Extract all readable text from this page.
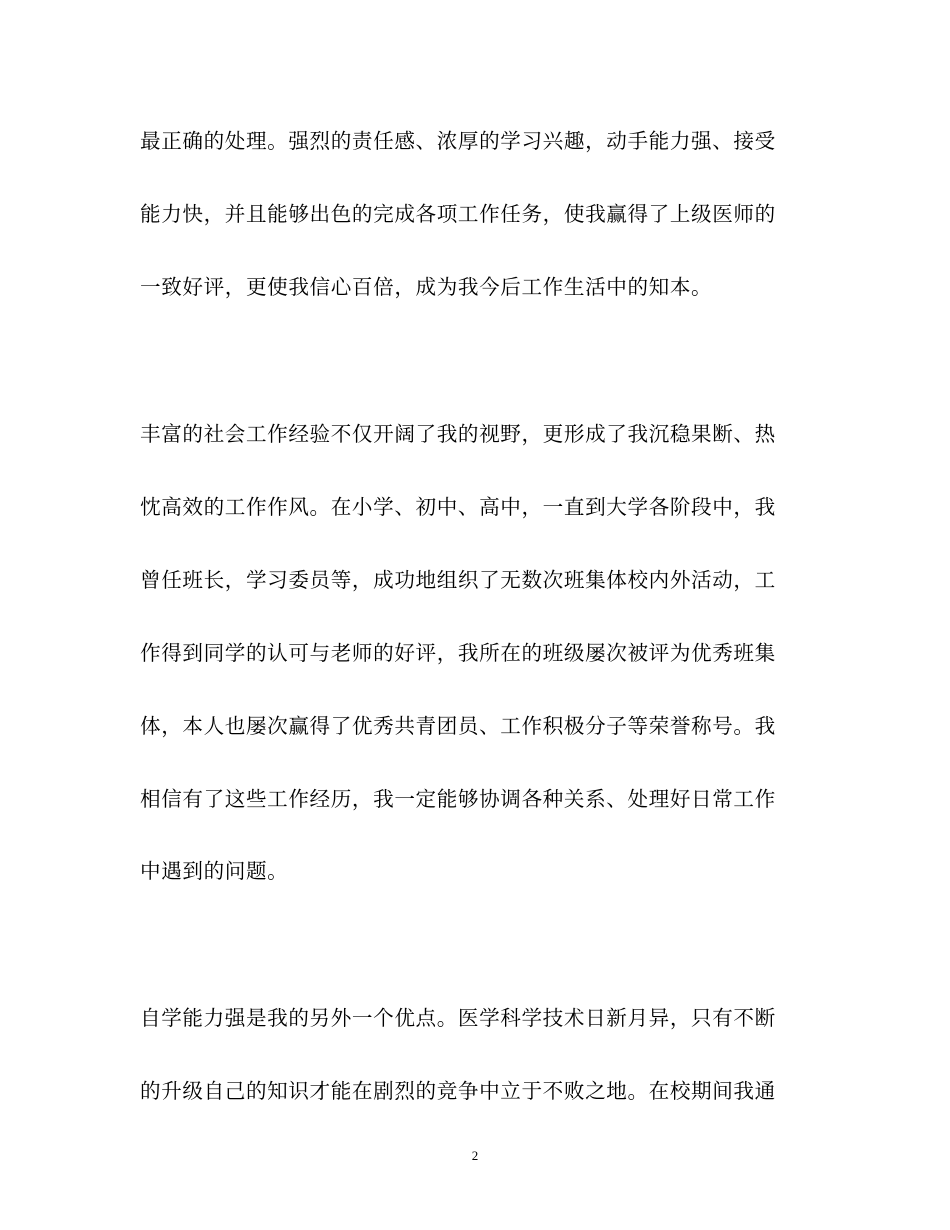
最正确的处理。强烈的责任感、浓厚的学习兴趣，动手能力强、接受
能力快，并且能够出色的完成各项工作任务，使我赢得了上级医师的
一致好评，更使我信心百倍，成为我今后工作生活中的知本。
丰富的社会工作经验不仅开阔了我的视野，更形成了我沉稳果断、热
忱高效的工作作风。在小学、初中、高中，一直到大学各阶段中，我
曾任班长，学习委员等，成功地组织了无数次班集体校内外活动，工
作得到同学的认可与老师的好评，我所在的班级屡次被评为优秀班集
体，本人也屡次赢得了优秀共青团员、工作积极分子等荣誉称号。我
相信有了这些工作经历，我一定能够协调各种关系、处理好日常工作
中遇到的问题。
自学能力强是我的另外一个优点。医学科学技术日新月异，只有不断
的升级自己的知识才能在剧烈的竞争中立于不败之地。在校期间我通
2
